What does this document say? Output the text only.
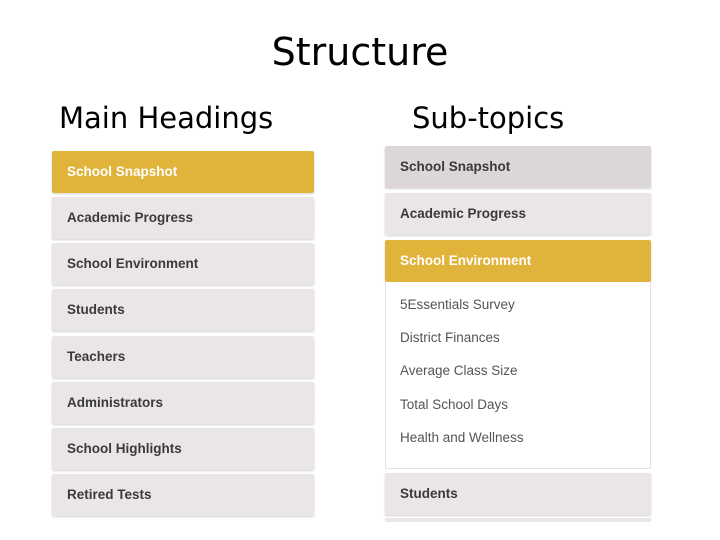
Structure
Main Headings	Sub-topics
School Snapshot
Academic Progress
School Environment
Students
Teachers
Administrators
School Highlights
Retired Tests
School Snapshot
Academic Progress
School Environment
5Essentials Survey
District Finances
Average Class Size
Total School Days
Health and Wellness
Students
